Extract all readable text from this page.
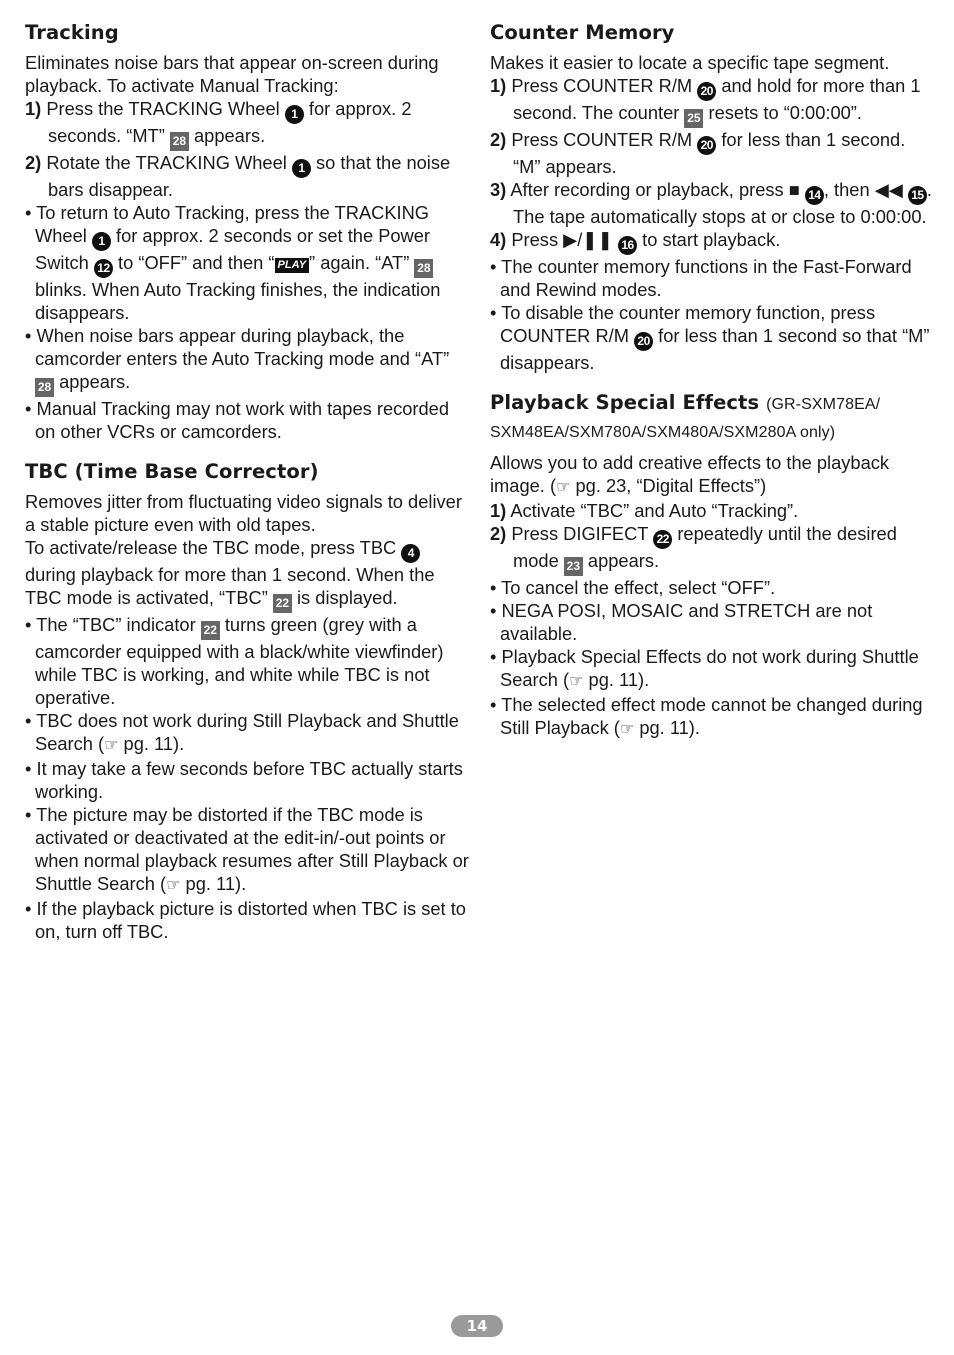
Tracking

Eliminates noise bars that appear on-screen during playback. To activate Manual Tracking:

1) Press the TRACKING Wheel 1 for approx. 2 seconds. “MT” 28 appears.

2) Rotate the TRACKING Wheel 1 so that the noise bars disappear.

• To return to Auto Tracking, press the TRACKING Wheel 1 for approx. 2 seconds or set the Power Switch 12 to “OFF” and then “ PLAY ” again. “AT” 28 blinks. When Auto Tracking finishes, the indication disappears.

• When noise bars appear during playback, the camcorder enters the Auto Tracking mode and “AT” 28 appears.

• Manual Tracking may not work with tapes recorded on other VCRs or camcorders.

TBC (Time Base Corrector)

Removes jitter from fluctuating video signals to deliver a stable picture even with old tapes.

To activate/release the TBC mode, press TBC 4 during playback for more than 1 second. When the TBC mode is activated, “TBC” 22 is displayed.

• The “TBC” indicator 22 turns green (grey with a camcorder equipped with a black/white viewfinder) while TBC is working, and white while TBC is not operative.

• TBC does not work during Still Playback and Shuttle Search (☞ pg. 11).

• It may take a few seconds before TBC actually starts working.

• The picture may be distorted if the TBC mode is activated or deactivated at the edit-in/-out points or when normal playback resumes after Still Playback or Shuttle Search (☞ pg. 11).

• If the playback picture is distorted when TBC is set to on, turn off TBC.

Counter Memory

Makes it easier to locate a specific tape segment.

1) Press COUNTER R/M 20 and hold for more than 1 second. The counter 25 resets to “0:00:00”.

2) Press COUNTER R/M 20 for less than 1 second. “M” appears.

3) After recording or playback, press ■ 14 , then ◀◀ 15 . The tape automatically stops at or close to 0:00:00.

4) Press ▶/❚❚ 16 to start playback.

• The counter memory functions in the Fast-Forward and Rewind modes.

• To disable the counter memory function, press COUNTER R/M 20 for less than 1 second so that “M” disappears.

Playback Special Effects (GR-SXM78EA/ SXM48EA/SXM780A/SXM480A/SXM280A only)

Allows you to add creative effects to the playback image. (☞ pg. 23, “Digital Effects”)

1) Activate “TBC” and Auto “Tracking”.

2) Press DIGIFECT 22 repeatedly until the desired mode 23 appears.

• To cancel the effect, select “OFF”.

• NEGA POSI, MOSAIC and STRETCH are not available.

• Playback Special Effects do not work during Shuttle Search (☞ pg. 11).

• The selected effect mode cannot be changed during Still Playback (☞ pg. 11).

14
